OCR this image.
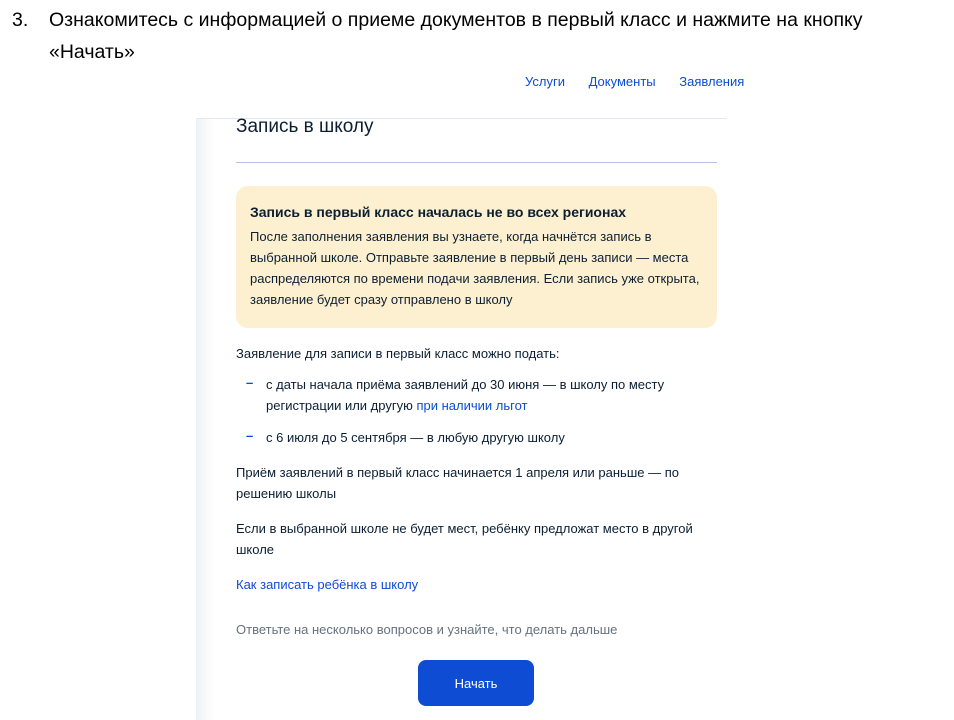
3. Ознакомитесь с информацией о приеме документов в первый класс и нажмите на кнопку
«Начать»
Услуги Документы Заявления
Запись в школу
Запись в первый класс началась не во всех регионах
После заполнения заявления вы узнаете, когда начнётся запись в выбранной школе. Отправьте заявление в первый день записи — места распределяются по времени подачи заявления. Если запись уже открыта, заявление будет сразу отправлено в школу
Заявление для записи в первый класс можно подать:
– с даты начала приёма заявлений до 30 июня — в школу по месту регистрации или другую при наличии льгот
– с 6 июля до 5 сентября — в любую другую школу
Приём заявлений в первый класс начинается 1 апреля или раньше — по решению школы
Если в выбранной школе не будет мест, ребёнку предложат место в другой школе
Как записать ребёнка в школу
Ответьте на несколько вопросов и узнайте, что делать дальше
Начать
